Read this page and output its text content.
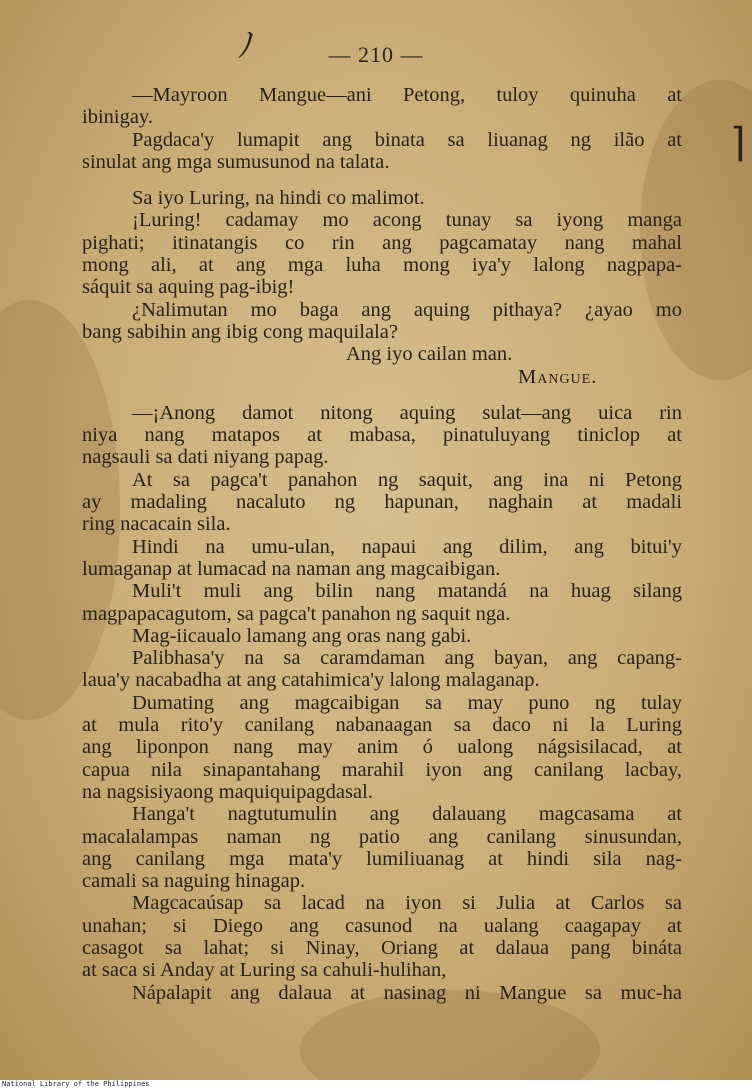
ﾉ
⌉
— 210 —
—Mayroon Mangue—ani Petong, tuloy quinuha at
ibinigay.
Pagdaca'y lumapit ang binata sa liuanag ng ilão at
sinulat ang mga sumusunod na talata.
Sa iyo Luring, na hindi co malimot.
¡Luring! cadamay mo acong tunay sa iyong manga
pighati; itinatangis co rin ang pagcamatay nang mahal
mong ali, at ang mga luha mong iya'y lalong nagpapa-
sáquit sa aquing pag-ibig!
¿Nalimutan mo baga ang aquing pithaya? ¿ayao mo
bang sabihin ang ibig cong maquilala?
Ang iyo cailan man.
Mangue.
—¡Anong damot nitong aquing sulat—ang uica rin
niya nang matapos at mabasa, pinatuluyang tiniclop at
nagsauli sa dati niyang papag.
At sa pagca't panahon ng saquit, ang ina ni Petong
ay madaling nacaluto ng hapunan, naghain at madali
ring nacacain sila.
Hindi na umu-ulan, napaui ang dilim, ang bitui'y
lumaganap at lumacad na naman ang magcaibigan.
Muli't muli ang bilin nang matandá na huag silang
magpapacagutom, sa pagca't panahon ng saquit nga.
Mag-iicaualo lamang ang oras nang gabi.
Palibhasa'y na sa caramdaman ang bayan, ang capang-
laua'y nacabadha at ang catahimica'y lalong malaganap.
Dumating ang magcaibigan sa may puno ng tulay
at mula rito'y canilang nabanaagan sa daco ni la Luring
ang liponpon nang may anim ó ualong nágsisilacad, at
capua nila sinapantahang marahil iyon ang canilang lacbay,
na nagsisiyaong maquiquipagdasal.
Hanga't nagtutumulin ang dalauang magcasama at
macalalampas naman ng patio ang canilang sinusundan,
ang canilang mga mata'y lumiliuanag at hindi sila nag-
camali sa naguing hinagap.
Magcacaúsap sa lacad na iyon si Julia at Carlos sa
unahan; si Diego ang casunod na ualang caagapay at
casagot sa lahat; si Ninay, Oriang at dalaua pang bináta
at saca si Anday at Luring sa cahuli-hulihan,
Nápalapit ang dalaua at nasinag ni Mangue sa muc-ha
National Library of the Philippines
